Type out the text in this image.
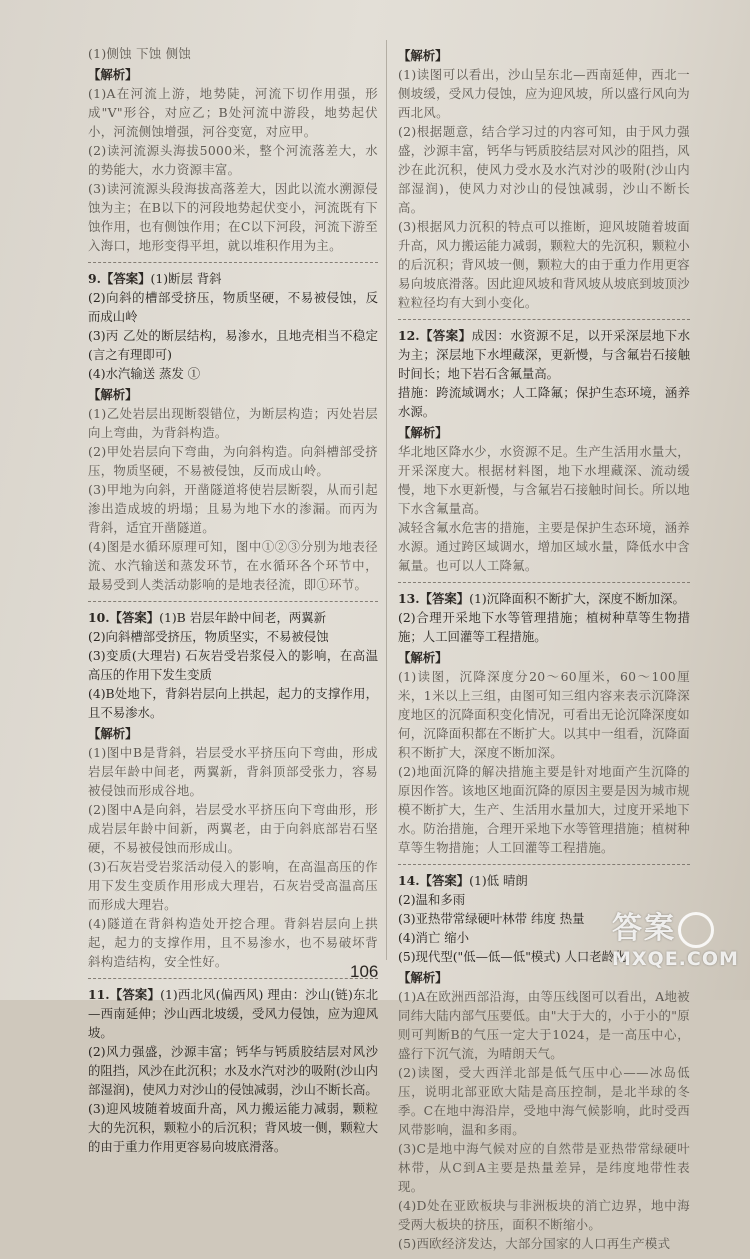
(1)侧蚀 下蚀 侧蚀

【解析】

(1)A在河流上游，地势陡，河流下切作用强，形成"V"形谷，对应乙；B处河流中游段，地势起伏小，河流侧蚀增强，河谷变宽，对应甲。

(2)读河流源头海拔5000米，整个河流落差大，水的势能大，水力资源丰富。

(3)读河流源头段海拔高落差大，因此以流水溯源侵蚀为主；在B以下的河段地势起伏变小，河流既有下蚀作用，也有侧蚀作用；在C以下河段，河流下游至入海口，地形变得平坦，就以堆积作用为主。

9.【答案】(1)断层 背斜

(2)向斜的槽部受挤压，物质坚硬，不易被侵蚀，反而成山岭

(3)丙 乙处的断层结构，易渗水，且地壳相当不稳定(言之有理即可)

(4)水汽输送 蒸发 ①

【解析】

(1)乙处岩层出现断裂错位，为断层构造；丙处岩层向上弯曲，为背斜构造。

(2)甲处岩层向下弯曲，为向斜构造。向斜槽部受挤压，物质坚硬，不易被侵蚀，反而成山岭。

(3)甲地为向斜，开凿隧道将使岩层断裂，从而引起渗出造成坡的坍塌；且易为地下水的渗漏。而丙为背斜，适宜开凿隧道。

(4)图是水循环原理可知，图中①②③分别为地表径流、水汽输送和蒸发环节，在水循环各个环节中，最易受到人类活动影响的是地表径流，即①环节。

10.【答案】(1)B 岩层年龄中间老，两翼新

(2)向斜槽部受挤压，物质坚实，不易被侵蚀

(3)变质(大理岩) 石灰岩受岩浆侵入的影响，在高温高压的作用下发生变质

(4)B处地下，背斜岩层向上拱起，起力的支撑作用，且不易渗水。

【解析】

(1)图中B是背斜，岩层受水平挤压向下弯曲，形成岩层年龄中间老，两翼新，背斜顶部受张力，容易被侵蚀而形成谷地。

(2)图中A是向斜，岩层受水平挤压向下弯曲形，形成岩层年龄中间新，两翼老，由于向斜底部岩石坚硬，不易被侵蚀而形成山。

(3)石灰岩受岩浆活动侵入的影响，在高温高压的作用下发生变质作用形成大理岩，石灰岩受高温高压而形成大理岩。

(4)隧道在背斜构造处开挖合理。背斜岩层向上拱起，起力的支撑作用，且不易渗水，也不易破坏背斜构造结构，安全性好。

11.【答案】(1)西北风(偏西风) 理由：沙山(链)东北—西南延伸；沙山西北坡缓，受风力侵蚀，应为迎风坡。

(2)风力强盛，沙源丰富；钙华与钙质胶结层对风沙的阻挡，风沙在此沉积；水及水汽对沙的吸附(沙山内部湿润)，使风力对沙山的侵蚀减弱，沙山不断长高。

(3)迎风坡随着坡面升高，风力搬运能力减弱，颗粒大的先沉积，颗粒小的后沉积；背风坡一侧，颗粒大的由于重力作用更容易向坡底滑落。

【解析】

(1)读图可以看出，沙山呈东北—西南延伸，西北一侧坡缓，受风力侵蚀，应为迎风坡，所以盛行风向为西北风。

(2)根据题意，结合学习过的内容可知，由于风力强盛，沙源丰富，钙华与钙质胶结层对风沙的阻挡，风沙在此沉积，使风力受水及水汽对沙的吸附(沙山内部湿润)，使风力对沙山的侵蚀减弱，沙山不断长高。

(3)根据风力沉积的特点可以推断，迎风坡随着坡面升高，风力搬运能力减弱，颗粒大的先沉积，颗粒小的后沉积；背风坡一侧，颗粒大的由于重力作用更容易向坡底滑落。因此迎风坡和背风坡从坡底到坡顶沙粒粒径均有大到小变化。

12.【答案】成因：水资源不足，以开采深层地下水为主；深层地下水埋藏深，更新慢，与含氟岩石接触时间长；地下岩石含氟量高。

措施：跨流域调水；人工降氟；保护生态环境，涵养水源。

【解析】

华北地区降水少，水资源不足。生产生活用水量大，开采深度大。根据材料图，地下水埋藏深、流动缓慢，地下水更新慢，与含氟岩石接触时间长。所以地下水含氟量高。

减轻含氟水危害的措施，主要是保护生态环境，涵养水源。通过跨区域调水，增加区域水量，降低水中含氟量。也可以人工降氟。

13.【答案】(1)沉降面积不断扩大，深度不断加深。

(2)合理开采地下水等管理措施；植树种草等生物措施；人工回灌等工程措施。

【解析】

(1)读图，沉降深度分20～60厘米，60～100厘米，1米以上三组，由图可知三组内容来表示沉降深度地区的沉降面积变化情况，可看出无论沉降深度如何，沉降面积都在不断扩大。以其中一组看，沉降面积不断扩大，深度不断加深。

(2)地面沉降的解决措施主要是针对地面产生沉降的原因作答。该地区地面沉降的原因主要是因为城市规模不断扩大，生产、生活用水量加大，过度开采地下水。防治措施，合理开采地下水等管理措施；植树种草等生物措施；人工回灌等工程措施。

14.【答案】(1)低 晴朗

(2)温和多雨

(3)亚热带常绿硬叶林带 纬度 热量

(4)消亡 缩小

(5)现代型("低—低—低"模式) 人口老龄化

【解析】

(1)A在欧洲西部沿海，由等压线图可以看出，A地被同纬大陆内部气压要低。由"大于大的，小于小的"原则可判断B的气压一定大于1024，是一高压中心，盛行下沉气流，为晴朗天气。

(2)读图，受大西洋北部是低气压中心——冰岛低压，说明北部亚欧大陆是高压控制，是北半球的冬季。C在地中海沿岸，受地中海气候影响，此时受西风带影响，温和多雨。

(3)C是地中海气候对应的自然带是亚热带常绿硬叶林带，从C到A主要是热量差异，是纬度地带性表现。

(4)D处在亚欧板块与非洲板块的消亡边界，地中海受两大板块的挤压，面积不断缩小。

(5)西欧经济发达，大部分国家的人口再生产模式

106
答案
MXQE.COM
